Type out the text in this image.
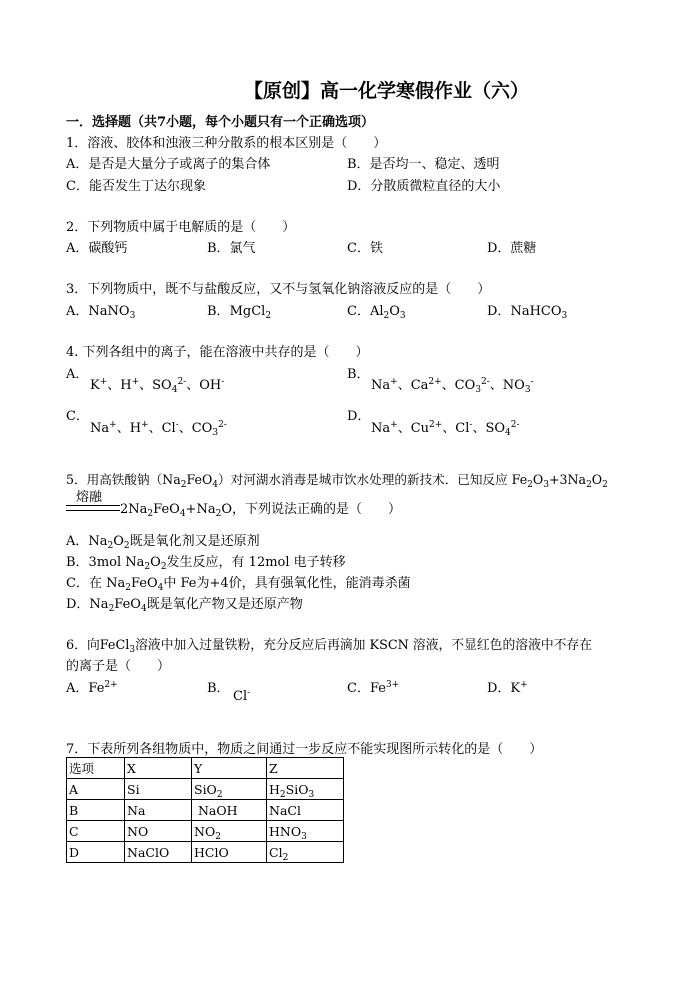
【原创】高一化学寒假作业（六）
一．选择题（共7小题，每个小题只有一个正确选项）
1．溶液、胶体和浊液三种分散系的根本区别是（　　）
A．是否是大量分子或离子的集合体	B．是否均一、稳定、透明
C．能否发生丁达尔现象	D．分散质微粒直径的大小
2．下列物质中属于电解质的是（　　）
A．碳酸钙	B．氯气	C．铁	D．蔗糖
3．下列物质中，既不与盐酸反应，又不与氢氧化钠溶液反应的是（　　）
A．NaNO$_3$	B．MgCl$_2$	C．$Al_2O_3$	D．NaHCO$_3$
4. 下列各组中的离子，能在溶液中共存的是（　　）
A．
K+、H+、$SO_4^{2-}$、OH-	B．
Na+、$Ca^{2+}$、$CO_3^{2-}$、$NO_3^-$
C．
Na+、H+、Cl-、$CO_3^{2-}$
D．
Na+、$Cu^{2+}$、Cl-、$SO_4^{2-}$
5．用高铁酸钠$(Na_2FeO_4)$对河湖水消毒是城市饮水处理的新技术．已知反应 $Fe_2O_3+3Na_2O_2$
熔融
$2Na_2FeO_4+Na_2O$，下列说法正确的是（　　）
A．$Na_2O_2$既是氧化剂又是还原剂
B．3mol $Na_2O_2$发生反应，有 12mol 电子转移
C．在 $Na_2FeO_4$中 Fe为+4价，具有强氧化性，能消毒杀菌
D．$Na_2FeO_4$既是氧化产物又是还原产物
6．向FeCl$_3$溶液中加入过量铁粉，充分反应后再滴加 KSCN 溶液，不显红色的溶液中不存在
的离子是（　　）
A．$Fe^{2+}$	B．
Cl-	C．$Fe^{3+}$	D．K+
7．下表所列各组物质中，物质之间通过一步反应不能实现图所示转化的是（　　）
选项	X	Y	Z
A	Si	SiO$_2$	$H_2SiO_3$
B	Na	NaOH	NaCl
C	NO	$NO_2$	$HNO_3$
D	NaClO	HClO	$Cl_2$
